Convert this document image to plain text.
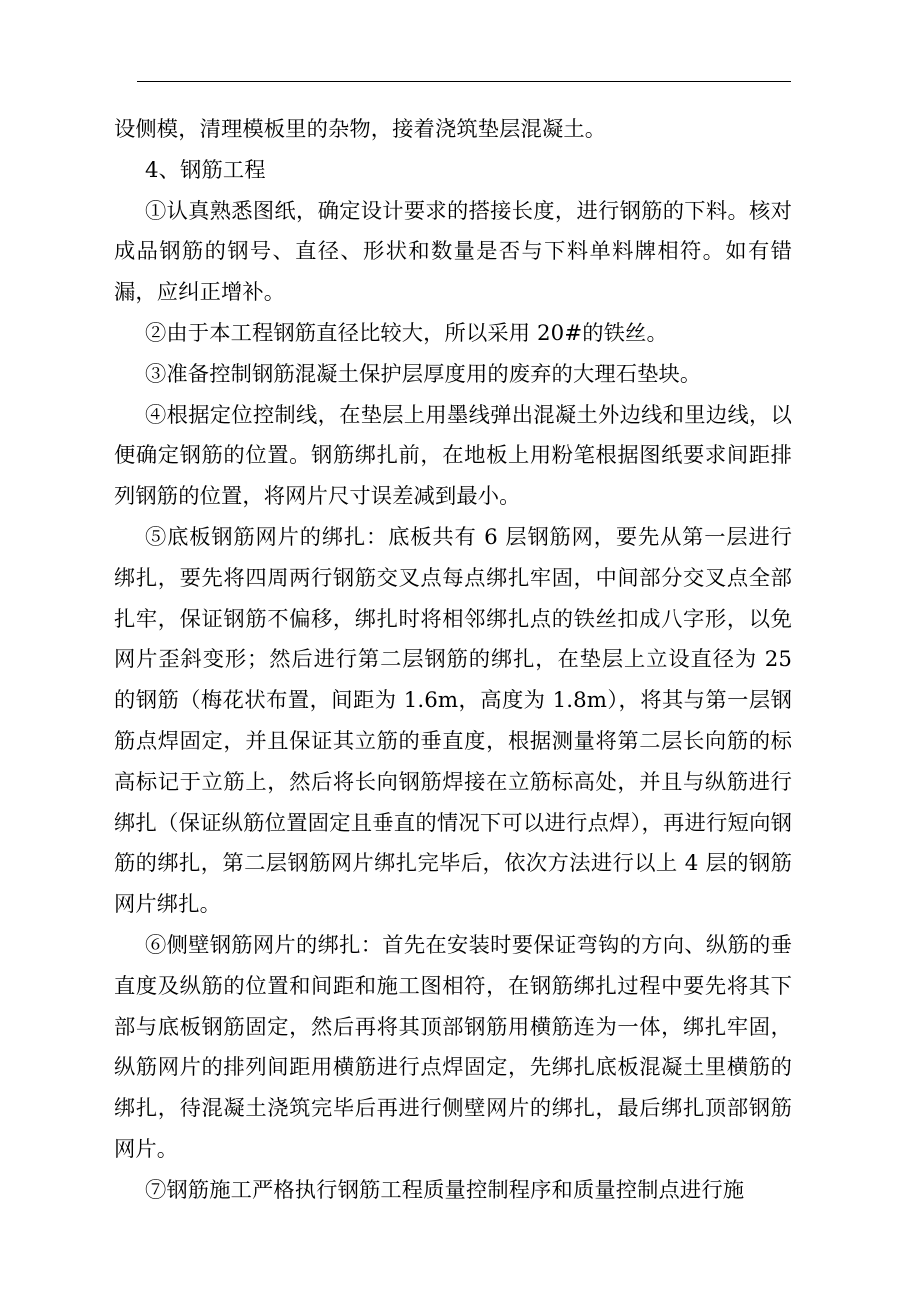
设侧模，清理模板里的杂物，接着浇筑垫层混凝土。

4、钢筋工程

①认真熟悉图纸，确定设计要求的搭接长度，进行钢筋的下料。核对成品钢筋的钢号、直径、形状和数量是否与下料单料牌相符。如有错漏，应纠正增补。

②由于本工程钢筋直径比较大，所以采用 20#的铁丝。

③准备控制钢筋混凝土保护层厚度用的废弃的大理石垫块。

④根据定位控制线，在垫层上用墨线弹出混凝土外边线和里边线，以便确定钢筋的位置。钢筋绑扎前，在地板上用粉笔根据图纸要求间距排列钢筋的位置，将网片尺寸误差减到最小。

⑤底板钢筋网片的绑扎：底板共有 6 层钢筋网，要先从第一层进行绑扎，要先将四周两行钢筋交叉点每点绑扎牢固，中间部分交叉点全部扎牢，保证钢筋不偏移，绑扎时将相邻绑扎点的铁丝扣成八字形，以免网片歪斜变形；然后进行第二层钢筋的绑扎，在垫层上立设直径为 25 的钢筋（梅花状布置，间距为 1.6m，高度为 1.8m），将其与第一层钢筋点焊固定，并且保证其立筋的垂直度，根据测量将第二层长向筋的标高标记于立筋上，然后将长向钢筋焊接在立筋标高处，并且与纵筋进行绑扎（保证纵筋位置固定且垂直的情况下可以进行点焊），再进行短向钢筋的绑扎，第二层钢筋网片绑扎完毕后，依次方法进行以上 4 层的钢筋网片绑扎。

⑥侧壁钢筋网片的绑扎：首先在安装时要保证弯钩的方向、纵筋的垂直度及纵筋的位置和间距和施工图相符，在钢筋绑扎过程中要先将其下部与底板钢筋固定，然后再将其顶部钢筋用横筋连为一体，绑扎牢固，纵筋网片的排列间距用横筋进行点焊固定，先绑扎底板混凝土里横筋的绑扎，待混凝土浇筑完毕后再进行侧壁网片的绑扎，最后绑扎顶部钢筋网片。

⑦钢筋施工严格执行钢筋工程质量控制程序和质量控制点进行施
